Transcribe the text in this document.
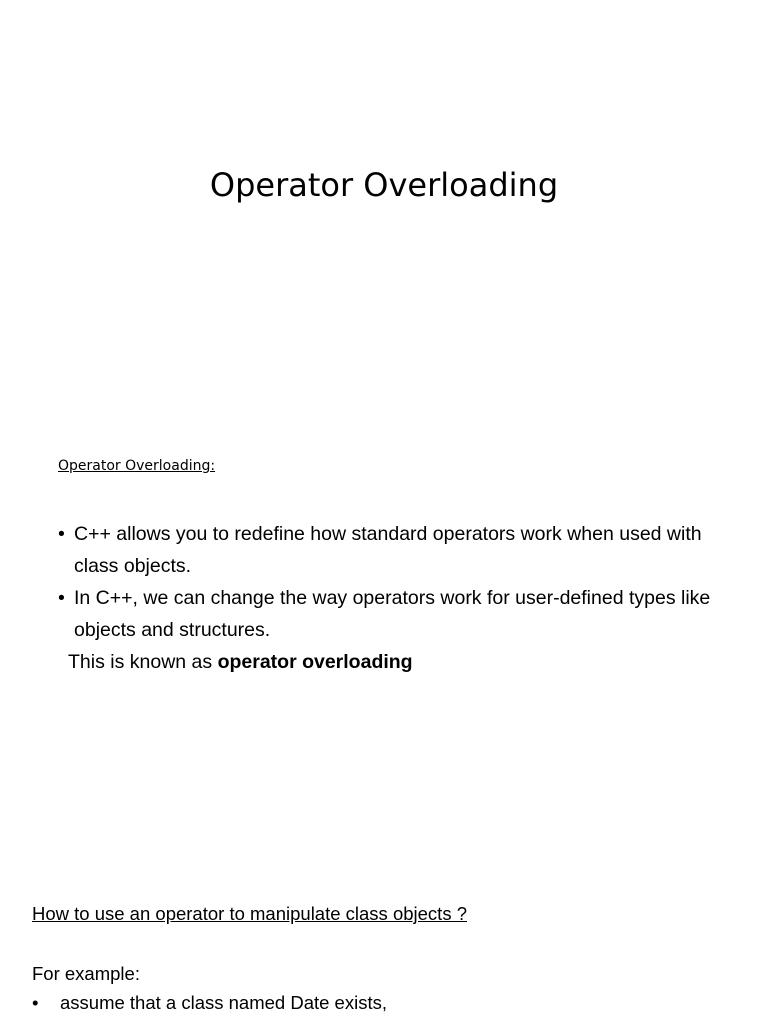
Operator Overloading
Operator Overloading:
• C++ allows you to redefine how standard operators work when used with class objects.
• In C++, we can change the way operators work for user-defined types like objects and structures.

This is known as operator overloading

How to use an operator to manipulate class objects ?

For example:

• assume that a class named Date exists,
